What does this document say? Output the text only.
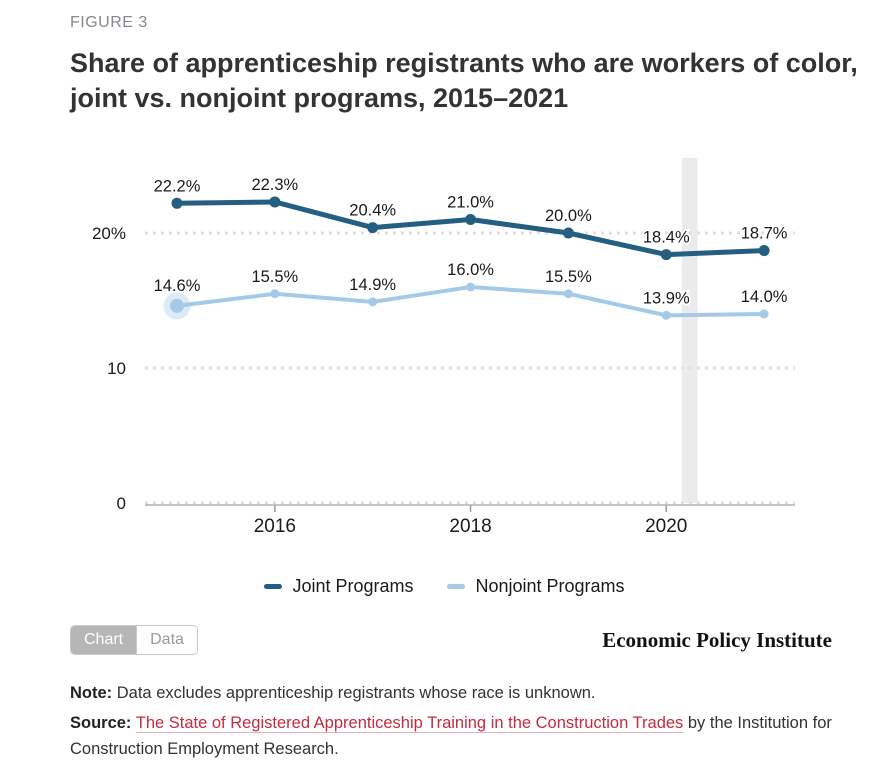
FIGURE 3
Share of apprenticeship registrants who are workers of color, joint vs. nonjoint programs, 2015–2021
20%
10
0
2016	2018	2020
22.2%	22.3%
20.4%	21.0%
20.0%
18.4%	18.7%
14.6%
15.5%	14.9%
16.0%	15.5%
13.9%	14.0%
Joint Programs	Nonjoint Programs
Chart	Data	Economic Policy Institute

Note: Data excludes apprenticeship registrants whose race is unknown.

Source: The State of Registered Apprenticeship Training in the Construction Trades by the Institution for Construction Employment Research.
